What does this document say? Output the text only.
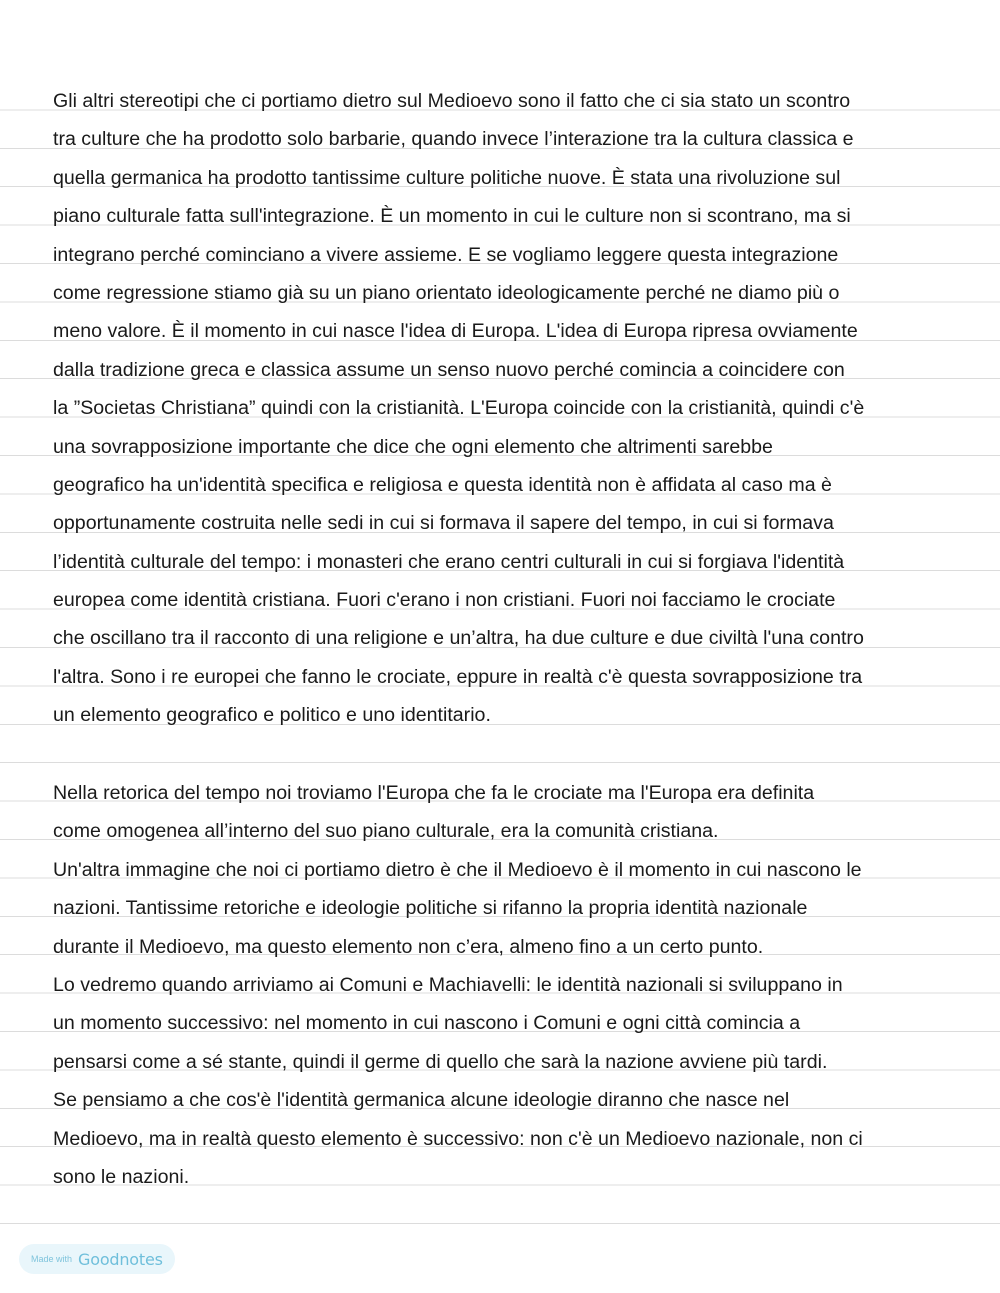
Gli altri stereotipi che ci portiamo dietro sul Medioevo sono il fatto che ci sia stato un scontro
tra culture che ha prodotto solo barbarie, quando invece l’interazione tra la cultura classica e
quella germanica ha prodotto tantissime culture politiche nuove. È stata una rivoluzione sul
piano culturale fatta sull'integrazione. È un momento in cui le culture non si scontrano, ma si
integrano perché cominciano a vivere assieme. E se vogliamo leggere questa integrazione
come regressione stiamo già su un piano orientato ideologicamente perché ne diamo più o
meno valore. È il momento in cui nasce l'idea di Europa. L'idea di Europa ripresa ovviamente
dalla tradizione greca e classica assume un senso nuovo perché comincia a coincidere con
la ”Societas Christiana” quindi con la cristianità. L'Europa coincide con la cristianità, quindi c'è
una sovrapposizione importante che dice che ogni elemento che altrimenti sarebbe
geografico ha un'identità specifica e religiosa e questa identità non è affidata al caso ma è
opportunamente costruita nelle sedi in cui si formava il sapere del tempo, in cui si formava
l’identità culturale del tempo: i monasteri che erano centri culturali in cui si forgiava l'identità
europea come identità cristiana. Fuori c'erano i non cristiani. Fuori noi facciamo le crociate
che oscillano tra il racconto di una religione e un’altra, ha due culture e due civiltà l'una contro
l'altra. Sono i re europei che fanno le crociate, eppure in realtà c'è questa sovrapposizione tra
un elemento geografico e politico e uno identitario.
Nella retorica del tempo noi troviamo l'Europa che fa le crociate ma l'Europa era definita
come omogenea all’interno del suo piano culturale, era la comunità cristiana.
Un'altra immagine che noi ci portiamo dietro è che il Medioevo è il momento in cui nascono le
nazioni. Tantissime retoriche e ideologie politiche si rifanno la propria identità nazionale
durante il Medioevo, ma questo elemento non c’era, almeno fino a un certo punto.
Lo vedremo quando arriviamo ai Comuni e Machiavelli: le identità nazionali si sviluppano in
un momento successivo: nel momento in cui nascono i Comuni e ogni città comincia a
pensarsi come a sé stante, quindi il germe di quello che sarà la nazione avviene più tardi.
Se pensiamo a che cos'è l'identità germanica alcune ideologie diranno che nasce nel
Medioevo, ma in realtà questo elemento è successivo: non c'è un Medioevo nazionale, non ci
sono le nazioni.
Made with Goodnotes
